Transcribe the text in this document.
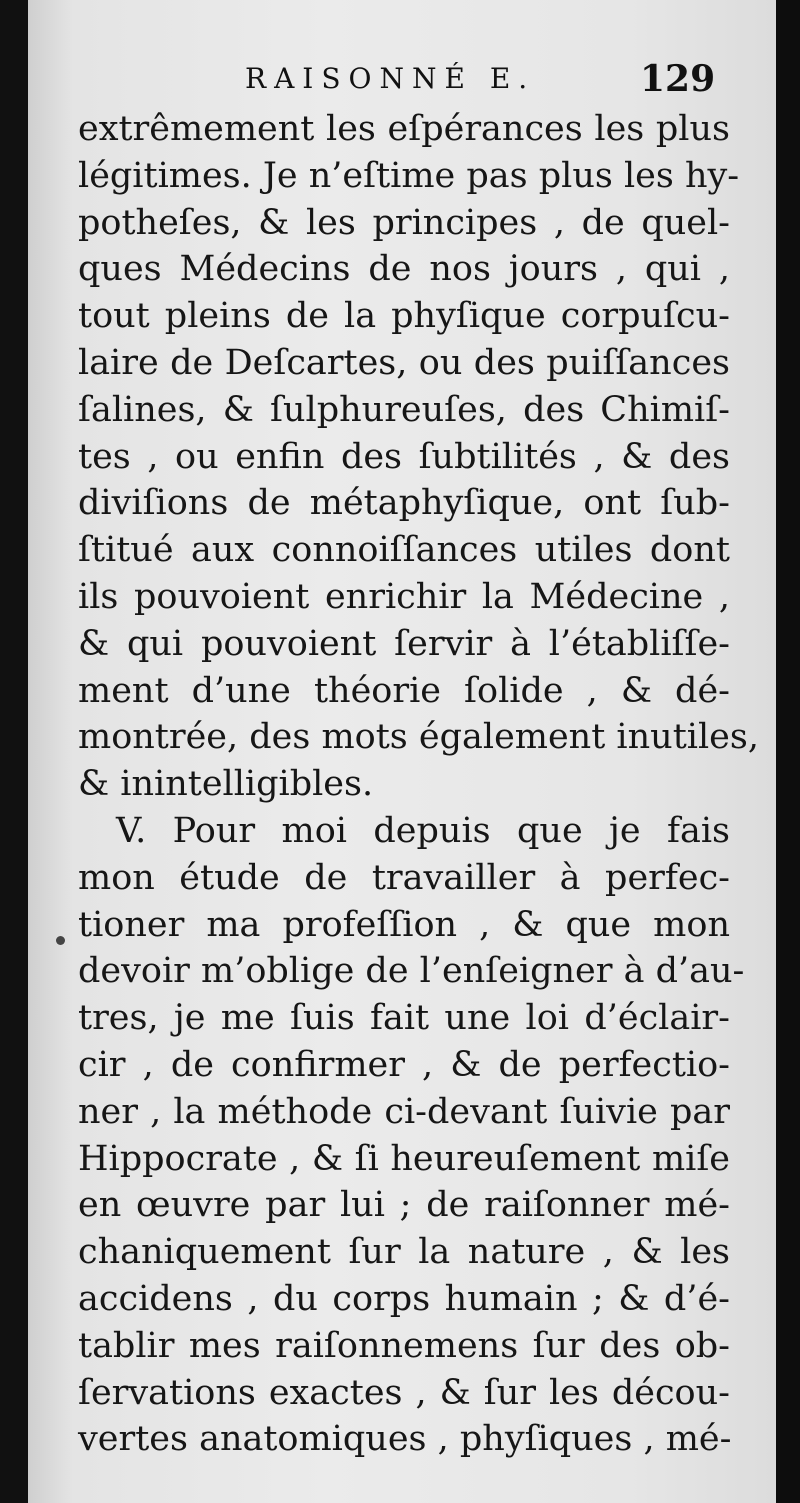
RAISONNÉ E.	129
extrêmement les eſpérances les plus
légitimes. Je n’eſtime pas plus les hy-
potheſes, & les principes , de quel-
ques Médecins de nos jours , qui ,
tout pleins de la phyſique corpuſcu-
laire de Deſcartes, ou des puiſſances
ſalines, & ſulphureuſes, des Chimiſ-
tes , ou enfin des ſubtilités , & des
diviſions de métaphyſique, ont ſub-
ſtitué aux connoiſſances utiles dont
ils pouvoient enrichir la Médecine ,
& qui pouvoient ſervir à l’établiſſe-
ment d’une théorie ſolide , & dé-
montrée, des mots également inutiles,
& inintelligibles.
V. Pour moi depuis que je fais
mon étude de travailler à perfec-
tioner ma profeſſion , & que mon
devoir m’oblige de l’enſeigner à d’au-
tres, je me ſuis fait une loi d’éclair-
cir , de confirmer , & de perfectio-
ner , la méthode ci-devant ſuivie par
Hippocrate , & ſi heureuſement miſe
en œuvre par lui ; de raiſonner mé-
chaniquement ſur la nature , & les
accidens , du corps humain ; & d’é-
tablir mes raiſonnemens ſur des ob-
ſervations exactes , & ſur les décou-
vertes anatomiques , phyſiques , mé-
